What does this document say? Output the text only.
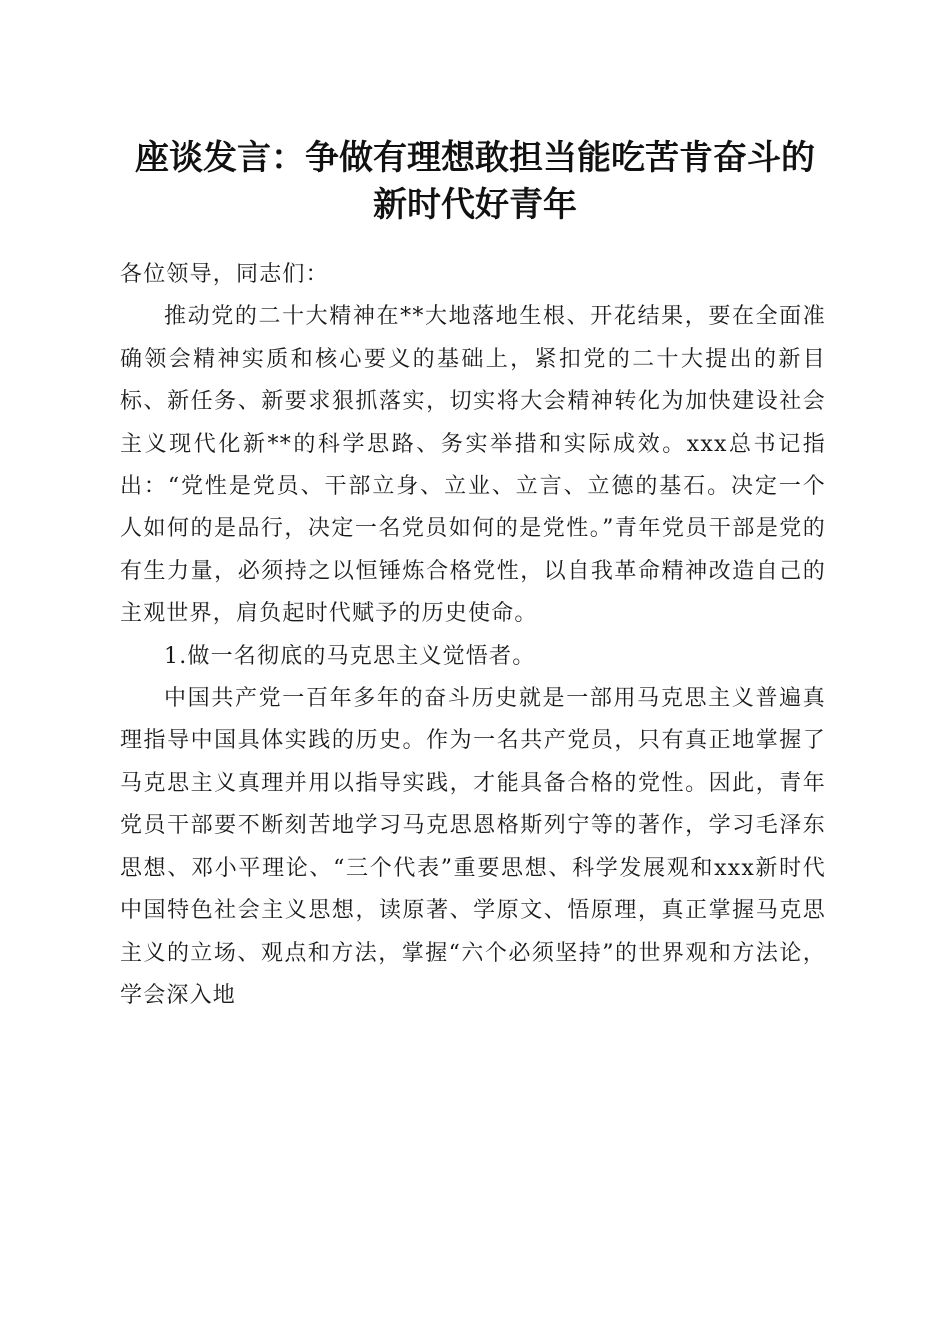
座谈发言：争做有理想敢担当能吃苦肯奋斗的
新时代好青年

各位领导，同志们：

推动党的二十大精神在**大地落地生根、开花结果，要在全面准确领会精神实质和核心要义的基础上，紧扣党的二十大提出的新目标、新任务、新要求狠抓落实，切实将大会精神转化为加快建设社会主义现代化新**的科学思路、务实举措和实际成效。xxx总书记指出：“党性是党员、干部立身、立业、立言、立德的基石。决定一个人如何的是品行，决定一名党员如何的是党性。”青年党员干部是党的有生力量，必须持之以恒锤炼合格党性，以自我革命精神改造自己的主观世界，肩负起时代赋予的历史使命。

1.做一名彻底的马克思主义觉悟者。

中国共产党一百年多年的奋斗历史就是一部用马克思主义普遍真理指导中国具体实践的历史。作为一名共产党员，只有真正地掌握了马克思主义真理并用以指导实践，才能具备合格的党性。因此，青年党员干部要不断刻苦地学习马克思恩格斯列宁等的著作，学习毛泽东思想、邓小平理论、“三个代表”重要思想、科学发展观和xxx新时代中国特色社会主义思想，读原著、学原文、悟原理，真正掌握马克思主义的立场、观点和方法，掌握“六个必须坚持”的世界观和方法论，学会深入地
